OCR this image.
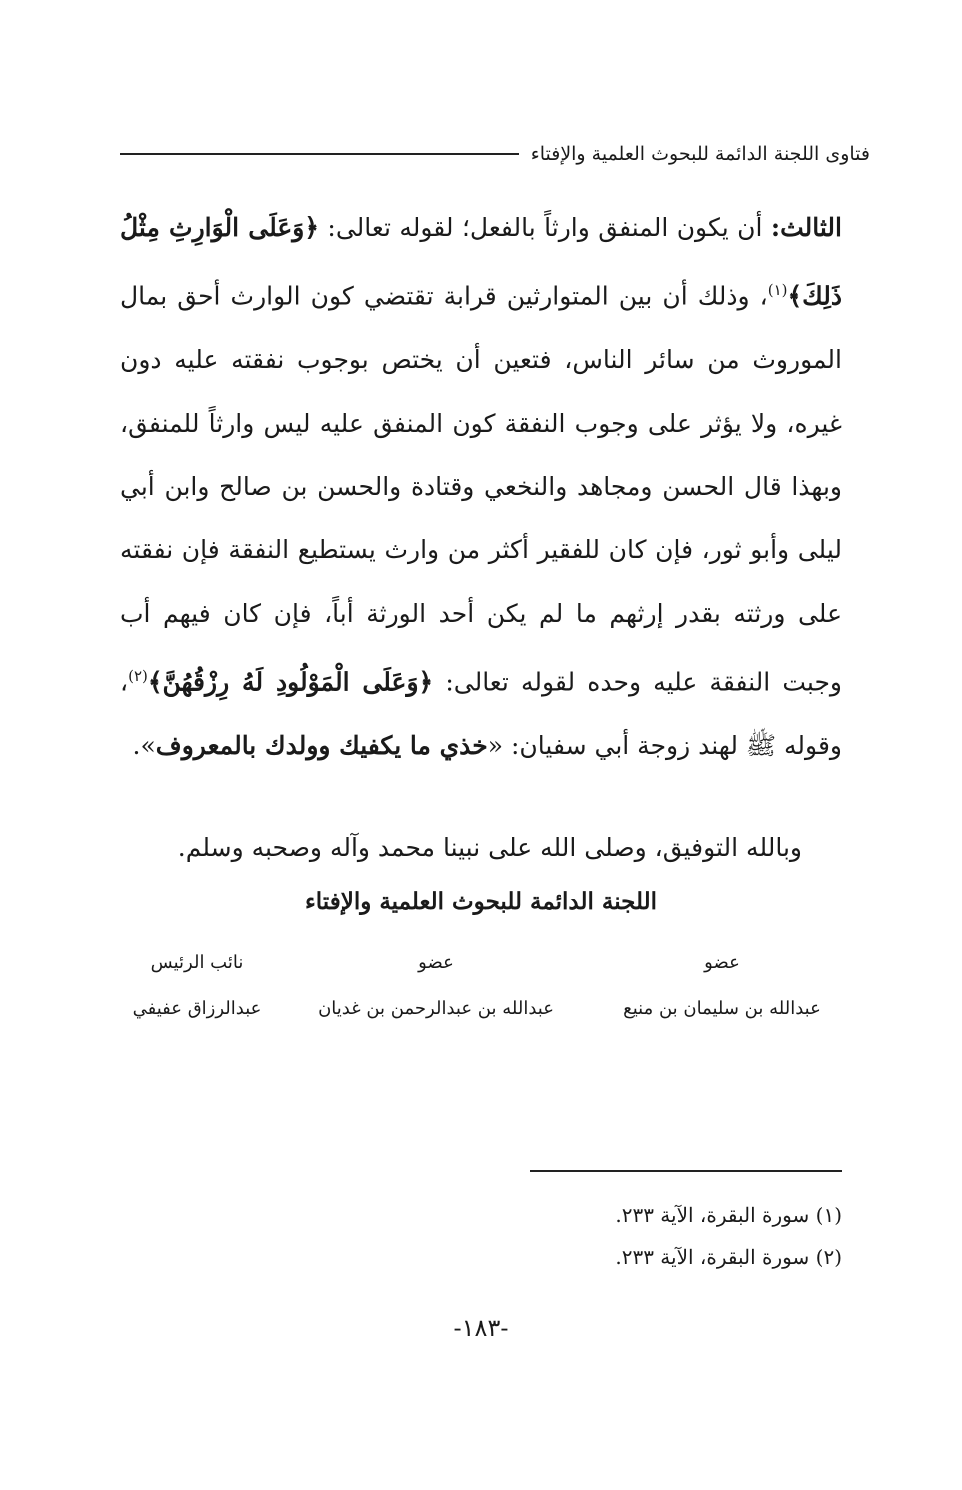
فتاوى اللجنة الدائمة للبحوث العلمية والإفتاء

الثالث: أن يكون المنفق وارثاً بالفعل؛ لقوله تعالى: ﴿وَعَلَى الْوَارِثِ مِثْلُ ذَلِكَ﴾$^{(١)}$، وذلك أن بين المتوارثين قرابة تقتضي كون الوارث أحق بمال الموروث من سائر الناس، فتعين أن يختص بوجوب نفقته عليه دون غيره، ولا يؤثر على وجوب النفقة كون المنفق عليه ليس وارثاً للمنفق، وبهذا قال الحسن ومجاهد والنخعي وقتادة والحسن بن صالح وابن أبي ليلى وأبو ثور، فإن كان للفقير أكثر من وارث يستطيع النفقة فإن نفقته على ورثته بقدر إرثهم ما لم يكن أحد الورثة أباً، فإن كان فيهم أب وجبت النفقة عليه وحده لقوله تعالى: ﴿وَعَلَى الْمَوْلُودِ لَهُ رِزْقُهُنَّ﴾$^{(٢)}$، وقوله ﷺ لهند زوجة أبي سفيان: «خذي ما يكفيك وولدك بالمعروف».

وبالله التوفيق، وصلى الله على نبينا محمد وآله وصحبه وسلم.
اللجنة الدائمة للبحوث العلمية والإفتاء
عضو
عبدالله بن سليمان بن منيع
عضو
عبدالله بن عبدالرحمن بن غديان
نائب الرئيس
عبدالرزاق عفيفي
(١) سورة البقرة، الآية ٢٣٣.
(٢) سورة البقرة، الآية ٢٣٣.
-١٨٣-
